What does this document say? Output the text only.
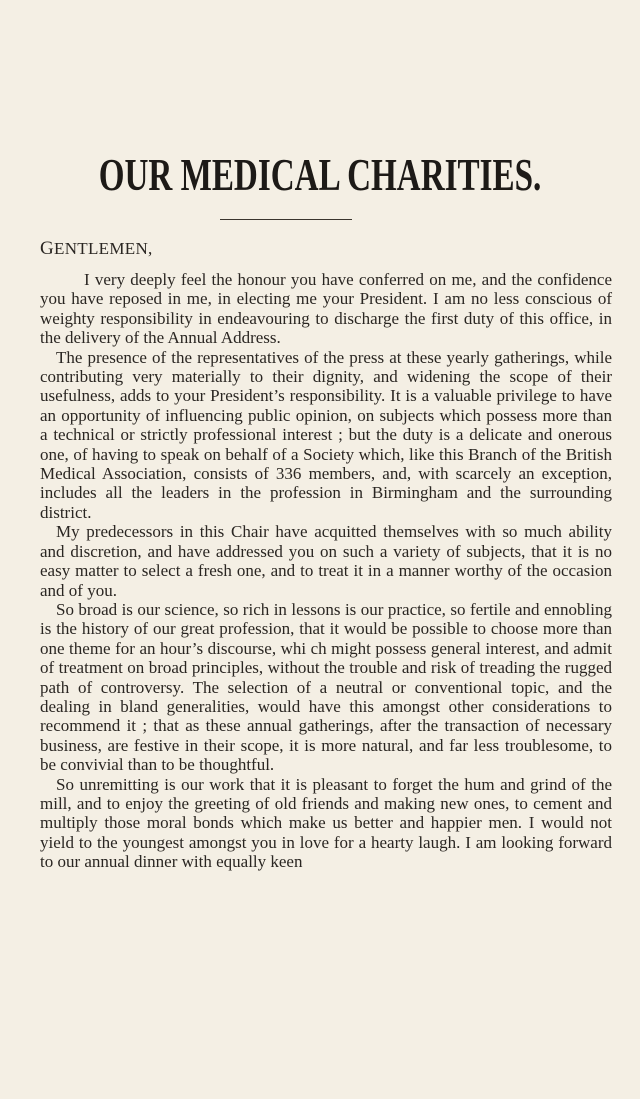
OUR MEDICAL CHARITIES.
GENTLEMEN,

I very deeply feel the honour you have conferred on me, and the confidence you have reposed in me, in electing me your President. I am no less conscious of weighty responsibility in endeavouring to discharge the first duty of this office, in the delivery of the Annual Address.

The presence of the representatives of the press at these yearly gatherings, while contributing very materially to their dignity, and widening the scope of their usefulness, adds to your President’s responsibility. It is a valuable privilege to have an opportunity of influencing public opinion, on subjects which possess more than a technical or strictly professional interest ; but the duty is a delicate and onerous one, of having to speak on behalf of a Society which, like this Branch of the British Medical Association, consists of 336 members, and, with scarcely an exception, includes all the leaders in the profession in Birmingham and the surrounding district.

My predecessors in this Chair have acquitted themselves with so much ability and discretion, and have addressed you on such a variety of subjects, that it is no easy matter to select a fresh one, and to treat it in a manner worthy of the occasion and of you.

So broad is our science, so rich in lessons is our practice, so fertile and ennobling is the history of our great profession, that it would be possible to choose more than one theme for an hour’s discourse, whi ch might possess general interest, and admit of treatment on broad principles, without the trouble and risk of treading the rugged path of controversy. The selection of a neutral or conventional topic, and the dealing in bland generalities, would have this amongst other considerations to recommend it ; that as these annual gatherings, after the transaction of necessary business, are festive in their scope, it is more natural, and far less troublesome, to be convivial than to be thoughtful.

So unremitting is our work that it is pleasant to forget the hum and grind of the mill, and to enjoy the greeting of old friends and making new ones, to cement and multiply those moral bonds which make us better and happier men. I would not yield to the youngest amongst you in love for a hearty laugh. I am looking forward to our annual dinner with equally keen
